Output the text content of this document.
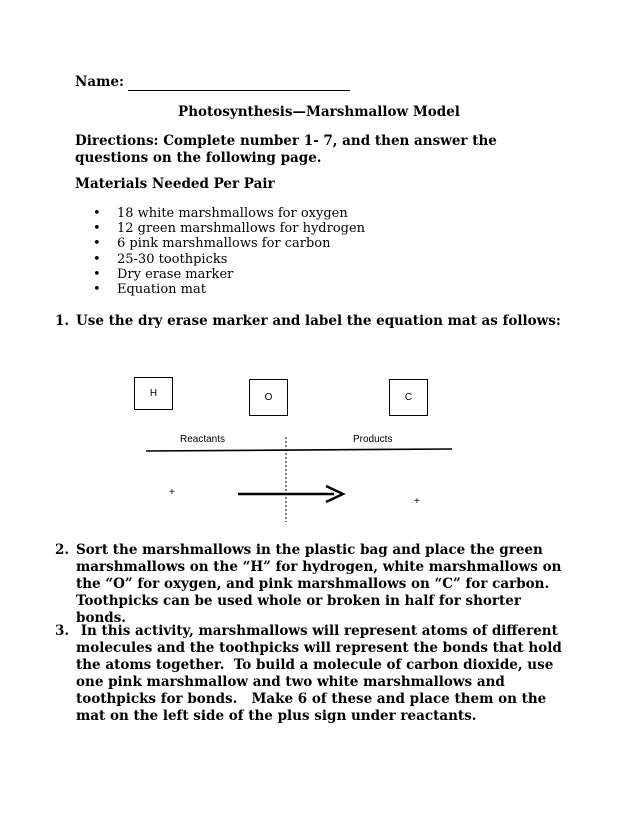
Name:
Photosynthesis—Marshmallow Model
Directions: Complete number 1- 7, and then answer the questions on the following page.
Materials Needed Per Pair
• 18 white marshmallows for oxygen
• 12 green marshmallows for hydrogen
• 6 pink marshmallows for carbon
• 25-30 toothpicks
• Dry erase marker
• Equation mat
1. Use the dry erase marker and label the equation mat as follows:
H	O	C
Reactants	Products
+
+
2. Sort the marshmallows in the plastic bag and place the green marshmallows on the “H” for hydrogen, white marshmallows on the “O” for oxygen, and pink marshmallows on “C” for carbon. Toothpicks can be used whole or broken in half for shorter bonds.
3. In this activity, marshmallows will represent atoms of different molecules and the toothpicks will represent the bonds that hold the atoms together.  To build a molecule of carbon dioxide, use one pink marshmallow and two white marshmallows and toothpicks for bonds.   Make 6 of these and place them on the mat on the left side of the plus sign under reactants.
